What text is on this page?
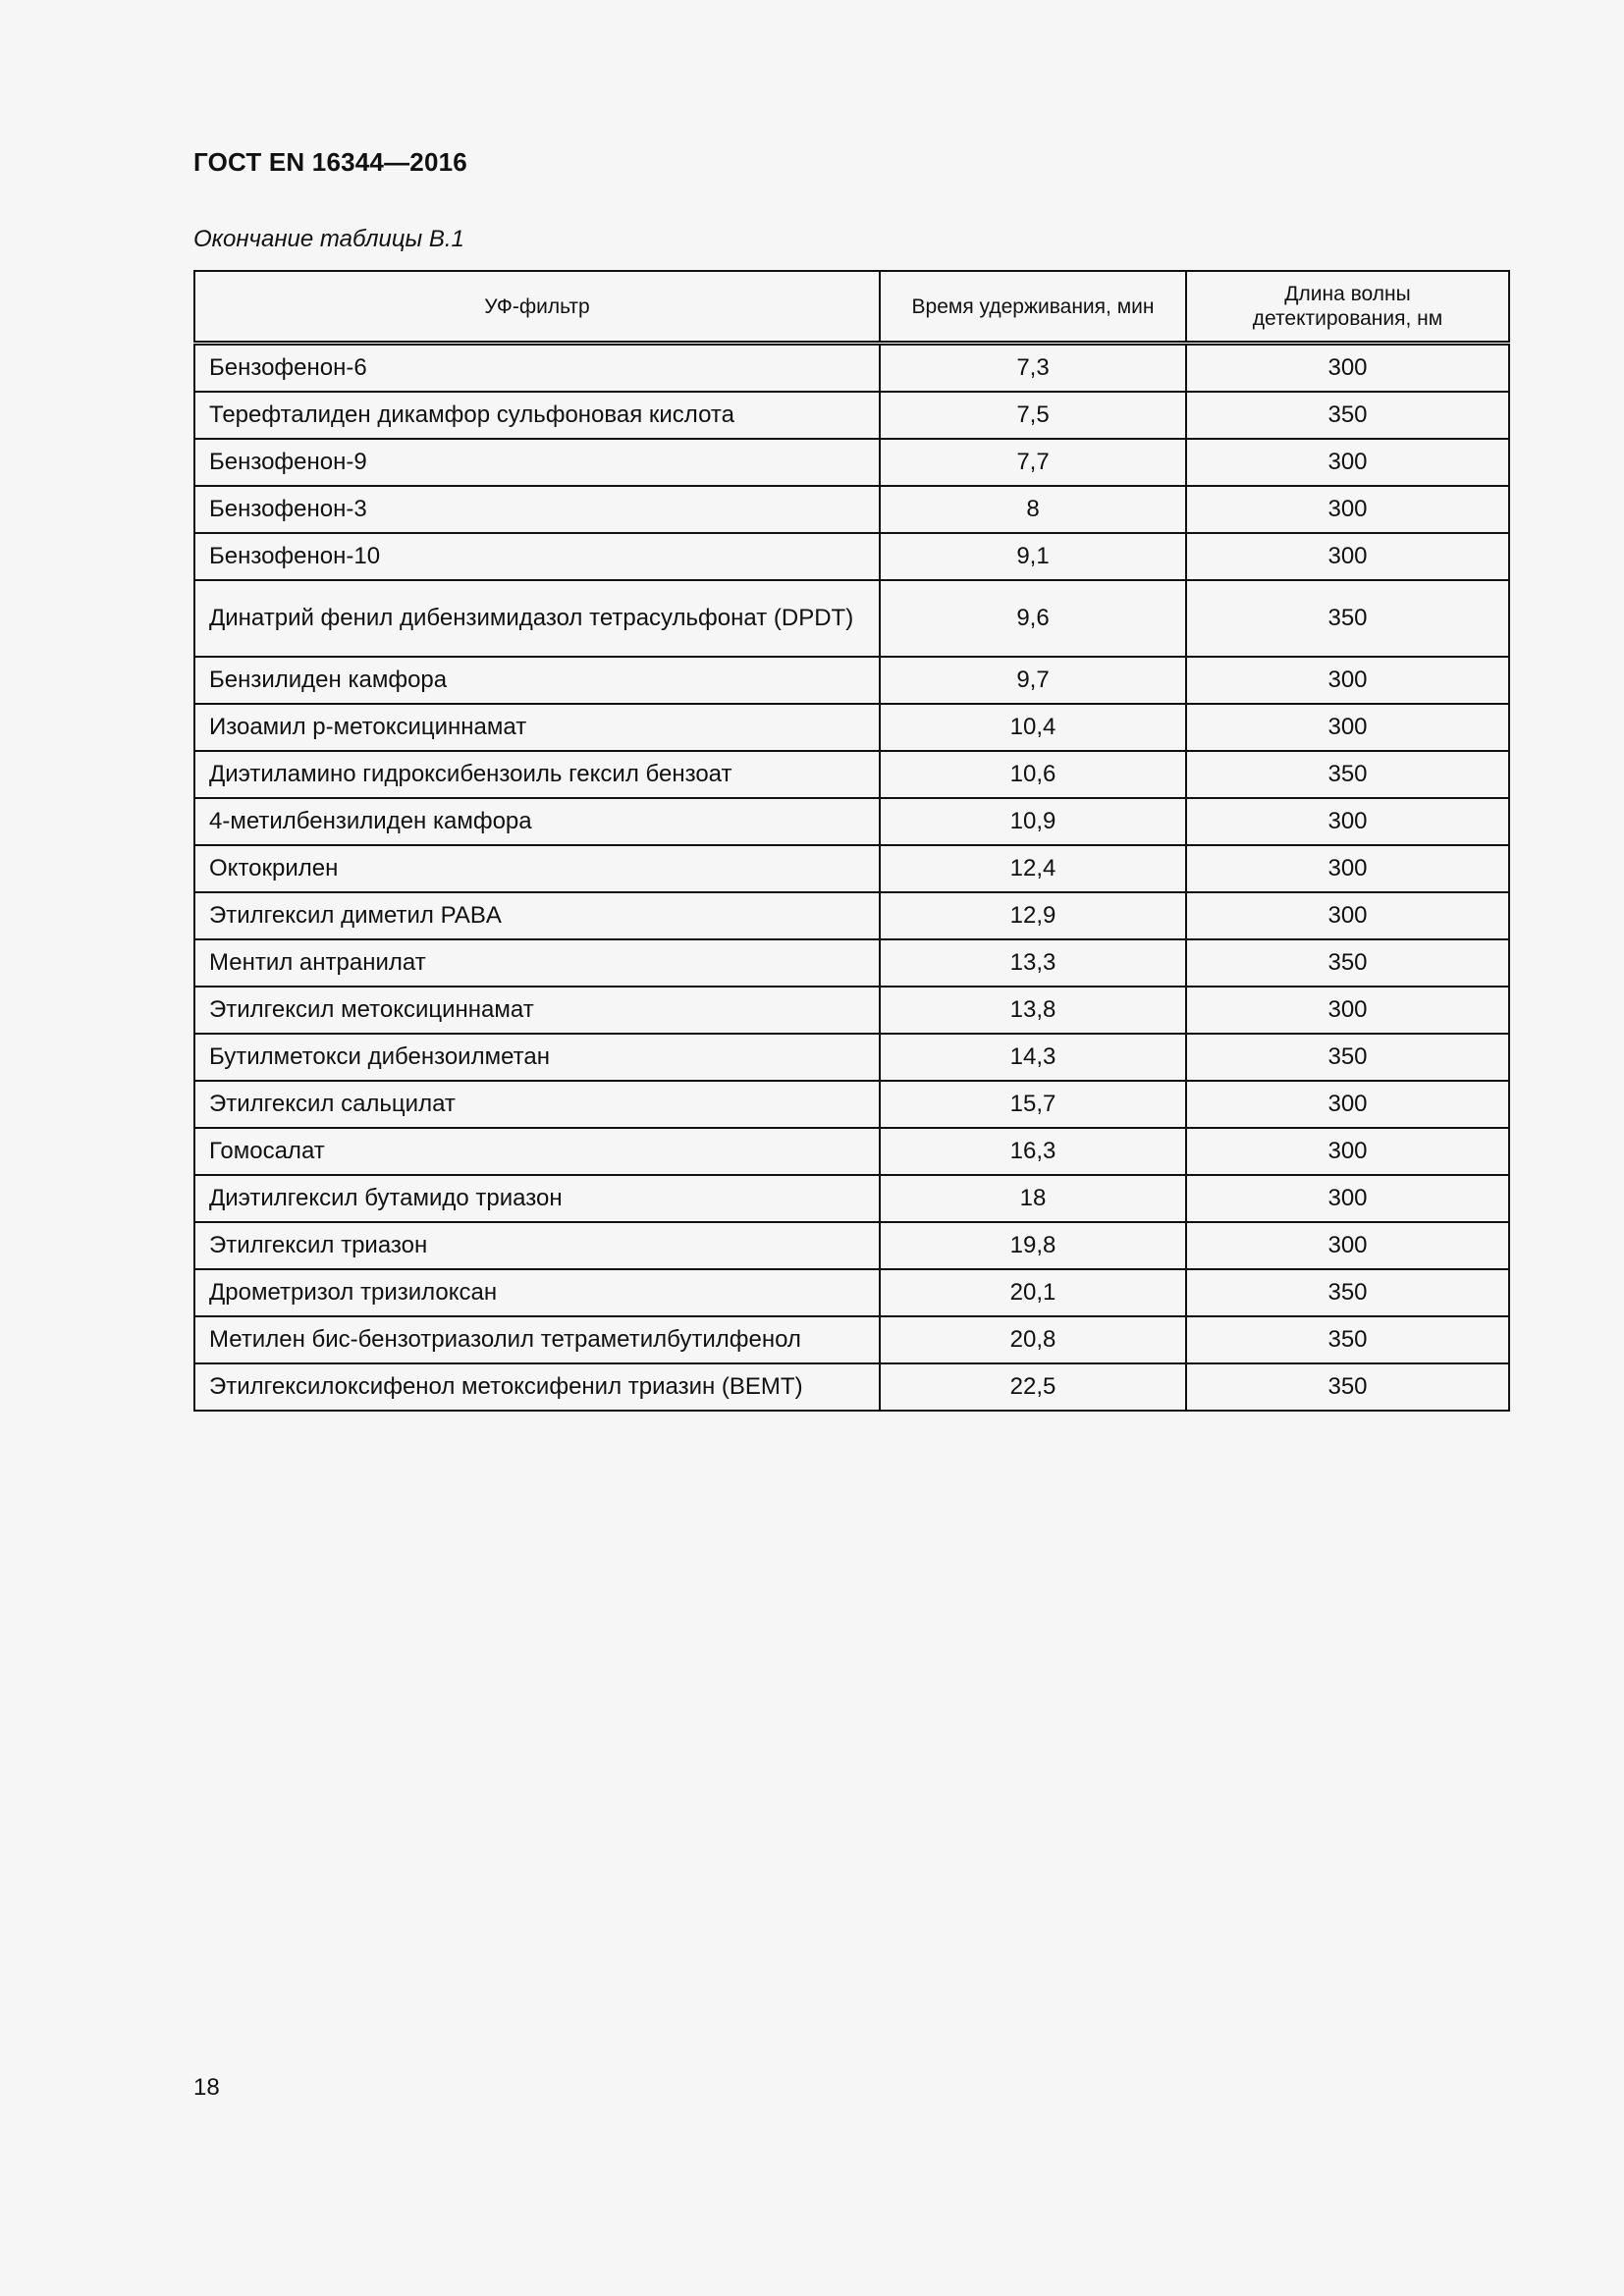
ГОСТ EN 16344—2016
Окончание таблицы В.1
УФ-фильтр	Время удерживания, мин	Длина волны детектирования, нм
Бензофенон-6	7,3	300
Терефталиден дикамфор сульфоновая кислота	7,5	350
Бензофенон-9	7,7	300
Бензофенон-3	8	300
Бензофенон-10	9,1	300
Динатрий фенил дибензимидазол тетрасульфонат (DPDT)	9,6	350
Бензилиден камфора	9,7	300
Изоамил p-метоксициннамат	10,4	300
Диэтиламино гидроксибензоиль гексил бензоат	10,6	350
4-метилбензилиден камфора	10,9	300
Октокрилен	12,4	300
Этилгексил диметил PABA	12,9	300
Ментил антранилат	13,3	350
Этилгексил метоксициннамат	13,8	300
Бутилметокси дибензоилметан	14,3	350
Этилгексил сальцилат	15,7	300
Гомосалат	16,3	300
Диэтилгексил бутамидо триазон	18	300
Этилгексил триазон	19,8	300
Дрометризол тризилоксан	20,1	350
Метилен бис-бензотриазолил тетраметилбутилфенол	20,8	350
Этилгексилоксифенол метоксифенил триазин (BEMT)	22,5	350
18
